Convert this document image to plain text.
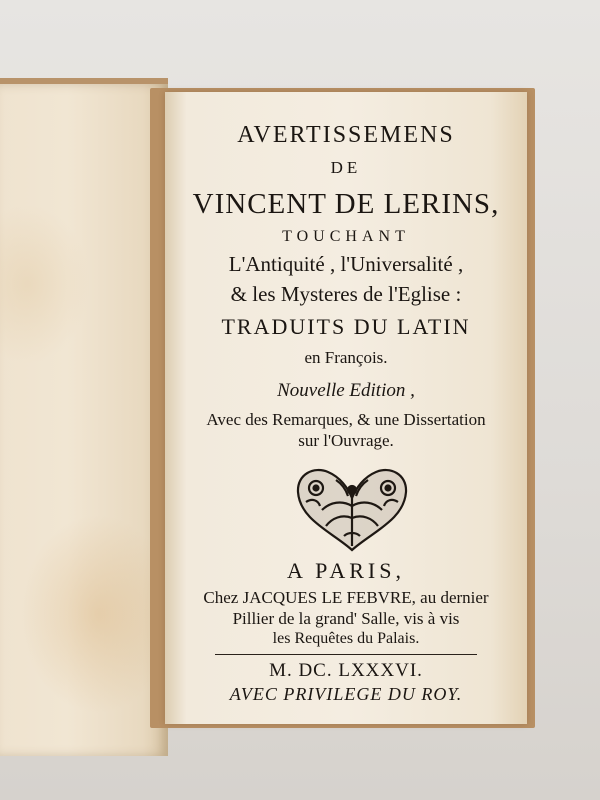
AVERTISSEMENS
DE
VINCENT DE LERINS,
TOUCHANT
L'Antiquité , l'Universalité ,
& les Mysteres de l'Eglise :
TRADUITS DU LATIN
en François.
Nouvelle Edition ,
Avec des Remarques, & une Dissertation
sur l'Ouvrage.
A PARIS,
Chez JACQUES LE FEBVRE, au dernier
Pillier de la grand' Salle, vis à vis
les Requêtes du Palais.
M. DC. LXXXVI.
AVEC PRIVILEGE DU ROY.
